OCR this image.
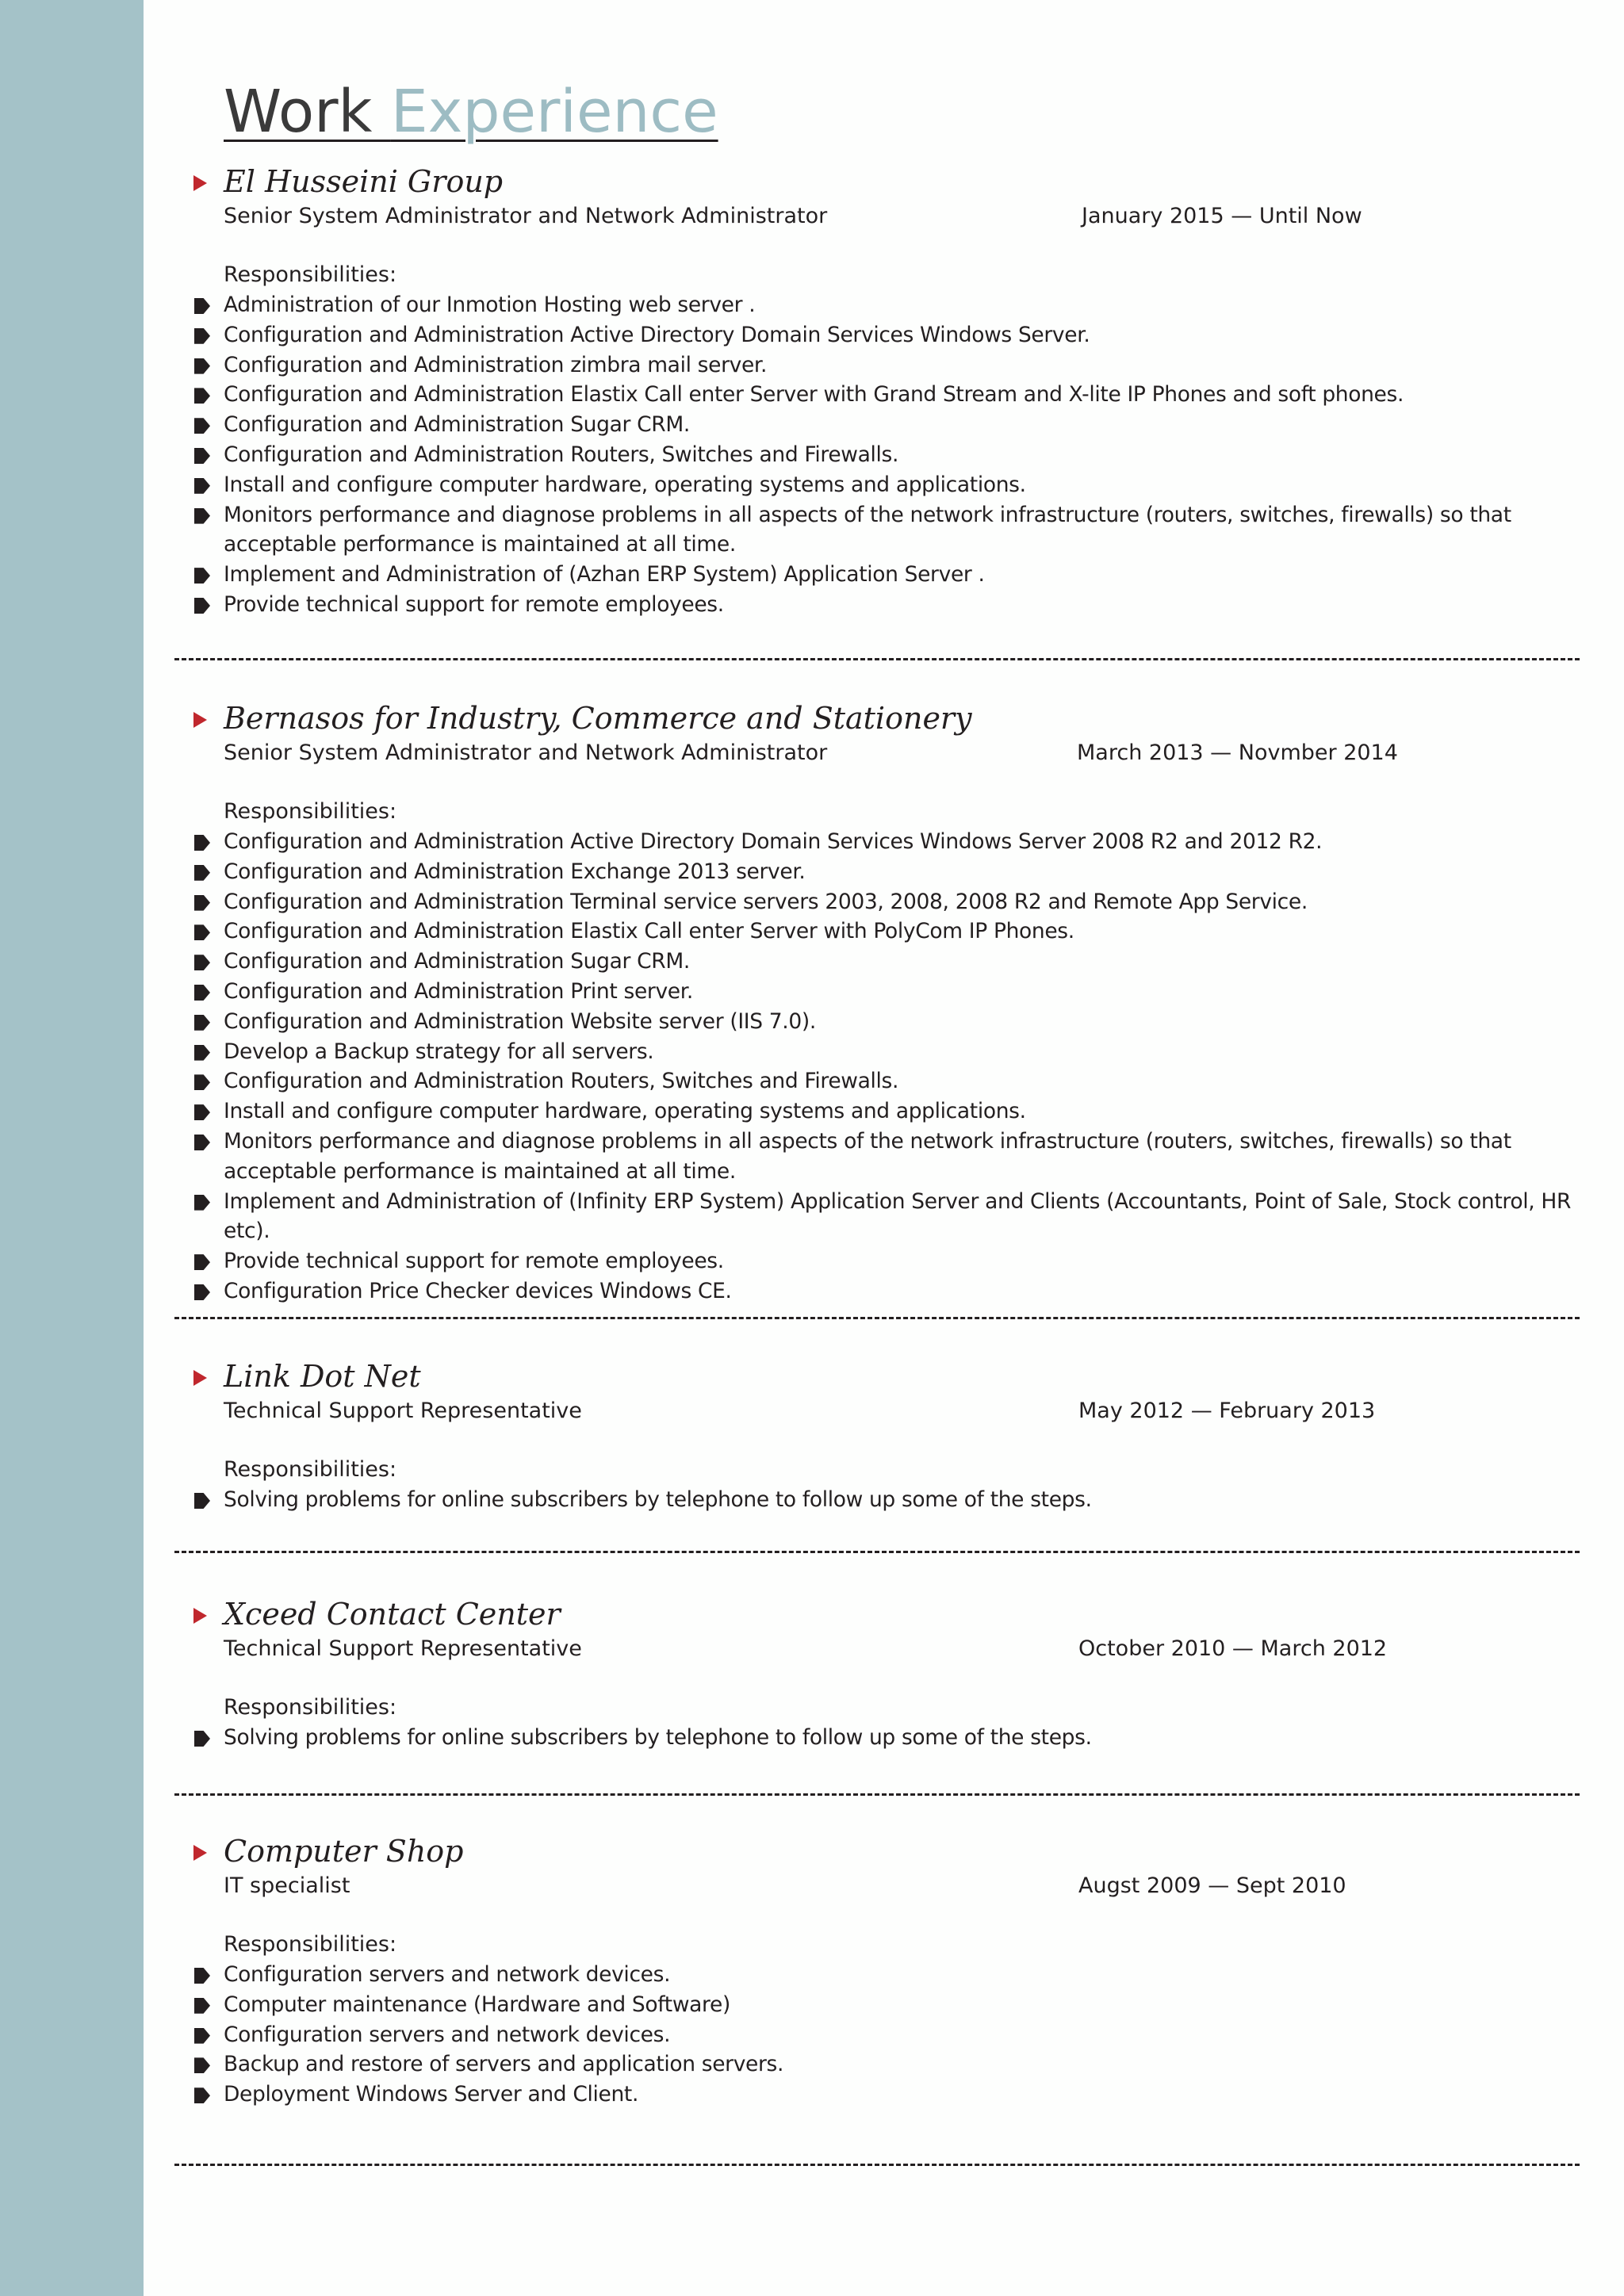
Work Experience
El Husseini Group
Senior System Administrator and Network Administrator	January 2015 — Until Now
Responsibilities:
Administration of our Inmotion Hosting web server .
Configuration and Administration Active Directory Domain Services Windows Server.
Configuration and Administration zimbra mail server.
Configuration and Administration Elastix Call enter Server with Grand Stream and X-lite IP Phones and soft phones.
Configuration and Administration Sugar CRM.
Configuration and Administration Routers, Switches and Firewalls.
Install and configure computer hardware, operating systems and applications.
Monitors performance and diagnose problems in all aspects of the network infrastructure (routers, switches, firewalls) so that acceptable performance is maintained at all time.
Implement and Administration of (Azhan ERP System) Application Server .
Provide technical support for remote employees.
Bernasos for Industry, Commerce and Stationery
Senior System Administrator and Network Administrator	March 2013 — Novmber 2014
Responsibilities:
Configuration and Administration Active Directory Domain Services Windows Server 2008 R2 and 2012 R2.
Configuration and Administration Exchange 2013 server.
Configuration and Administration Terminal service servers 2003, 2008, 2008 R2 and Remote App Service.
Configuration and Administration Elastix Call enter Server with PolyCom IP Phones.
Configuration and Administration Sugar CRM.
Configuration and Administration Print server.
Configuration and Administration Website server (IIS 7.0).
Develop a Backup strategy for all servers.
Configuration and Administration Routers, Switches and Firewalls.
Install and configure computer hardware, operating systems and applications.
Monitors performance and diagnose problems in all aspects of the network infrastructure (routers, switches, firewalls) so that acceptable performance is maintained at all time.
Implement and Administration of (Infinity ERP System) Application Server and Clients (Accountants, Point of Sale, Stock control, HR etc).
Provide technical support for remote employees.
Configuration Price Checker devices Windows CE.
Link Dot Net
Technical Support Representative	May 2012 — February 2013
Responsibilities:
Solving problems for online subscribers by telephone to follow up some of the steps.
Xceed Contact Center
Technical Support Representative	October 2010 — March 2012
Responsibilities:
Solving problems for online subscribers by telephone to follow up some of the steps.
Computer Shop
IT specialist	Augst 2009 — Sept 2010
Responsibilities:
Configuration servers and network devices.
Computer maintenance (Hardware and Software)
Configuration servers and network devices.
Backup and restore of servers and application servers.
Deployment Windows Server and Client.
